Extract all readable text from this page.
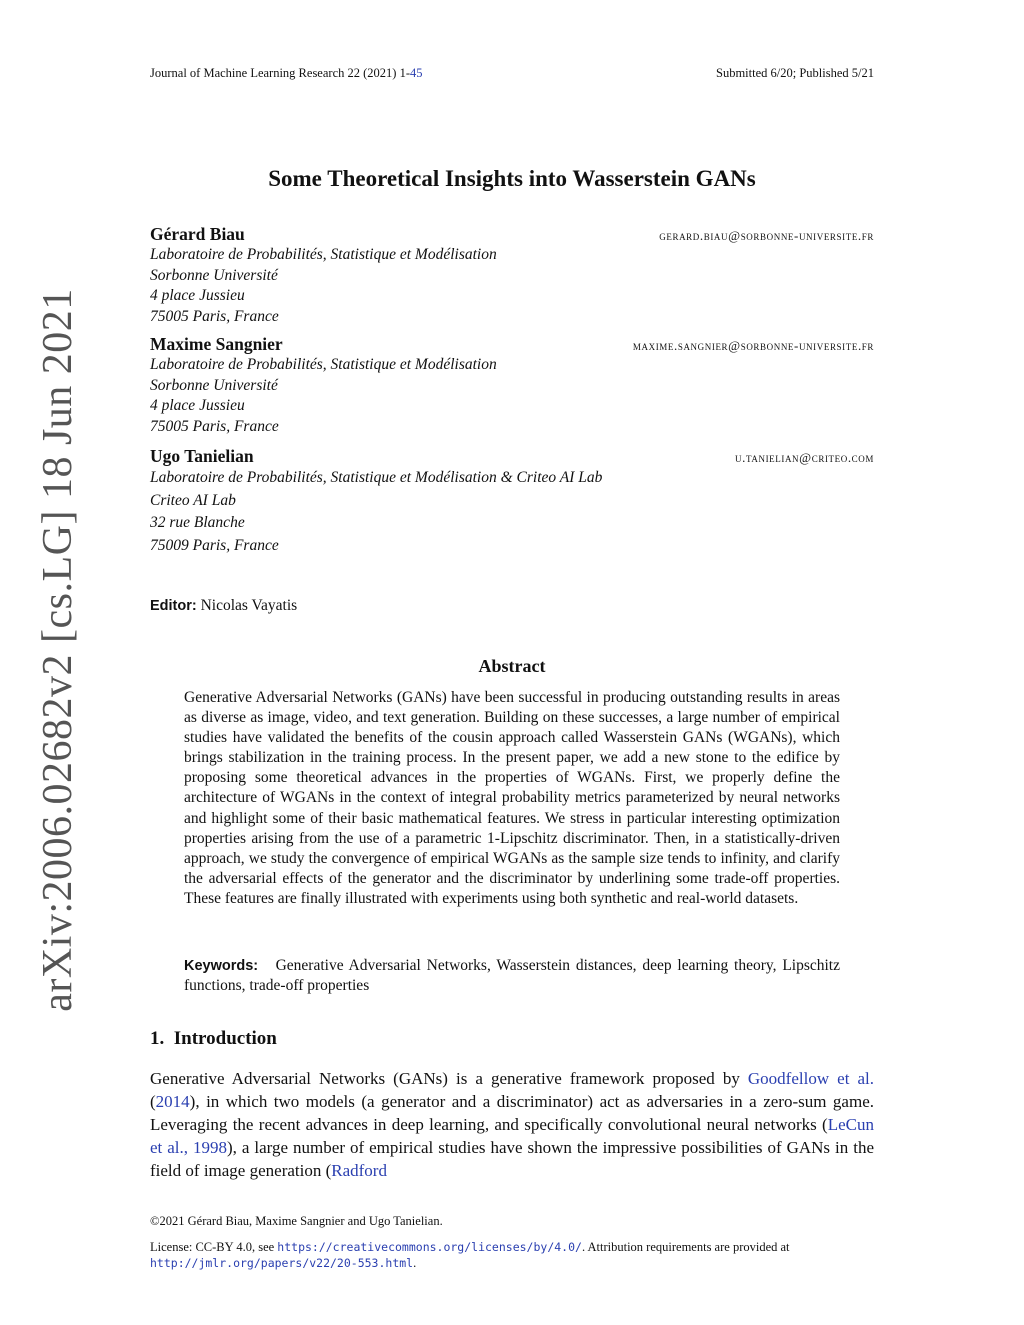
Journal of Machine Learning Research 22 (2021) 1-45	Submitted 6/20; Published 5/21
arXiv:2006.02682v2 [cs.LG] 18 Jun 2021
Some Theoretical Insights into Wasserstein GANs
Gérard Biau	gerard.biau@sorbonne-universite.fr
Laboratoire de Probabilités, Statistique et Modélisation
Sorbonne Université
4 place Jussieu
75005 Paris, France
Maxime Sangnier	maxime.sangnier@sorbonne-universite.fr
Laboratoire de Probabilités, Statistique et Modélisation
Sorbonne Université
4 place Jussieu
75005 Paris, France
Ugo Tanielian	u.tanielian@criteo.com
Laboratoire de Probabilités, Statistique et Modélisation & Criteo AI Lab
Criteo AI Lab
32 rue Blanche
75009 Paris, France
Editor: Nicolas Vayatis
Abstract
Generative Adversarial Networks (GANs) have been successful in producing outstanding results in areas as diverse as image, video, and text generation. Building on these successes, a large number of empirical studies have validated the benefits of the cousin approach called Wasserstein GANs (WGANs), which brings stabilization in the training process. In the present paper, we add a new stone to the edifice by proposing some theoretical advances in the properties of WGANs. First, we properly define the architecture of WGANs in the context of integral probability metrics parameterized by neural networks and highlight some of their basic mathematical features. We stress in particular interesting optimization properties arising from the use of a parametric 1-Lipschitz discriminator. Then, in a statistically-driven approach, we study the convergence of empirical WGANs as the sample size tends to infinity, and clarify the adversarial effects of the generator and the discriminator by underlining some trade-off properties. These features are finally illustrated with experiments using both synthetic and real-world datasets.
Keywords: Generative Adversarial Networks, Wasserstein distances, deep learning theory, Lipschitz functions, trade-off properties
1. Introduction
Generative Adversarial Networks (GANs) is a generative framework proposed by Goodfellow et al. (2014), in which two models (a generator and a discriminator) act as adversaries in a zero-sum game. Leveraging the recent advances in deep learning, and specifically convolutional neural networks (LeCun et al., 1998), a large number of empirical studies have shown the impressive possibilities of GANs in the field of image generation (Radford
©2021 Gérard Biau, Maxime Sangnier and Ugo Tanielian.
License: CC-BY 4.0, see https://creativecommons.org/licenses/by/4.0/. Attribution requirements are provided at http://jmlr.org/papers/v22/20-553.html.
